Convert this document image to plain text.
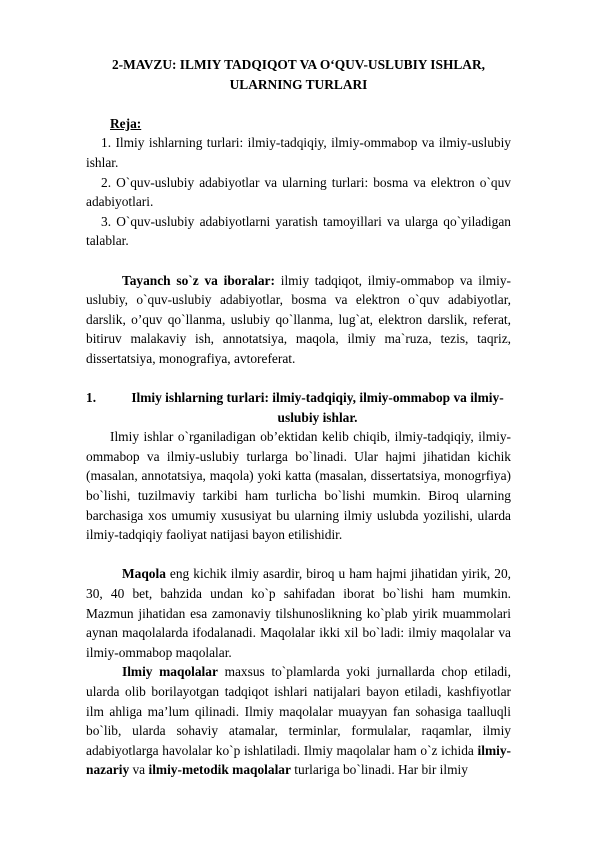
2-MAVZU: ILMIY TADQIQOT VA O‘QUV-USLUBIY ISHLAR,

ULARNING TURLARI

Reja:

1. Ilmiy ishlarning turlari: ilmiy-tadqiqiy, ilmiy-ommabop va ilmiy-uslubiy ishlar.

2. O`quv-uslubiy adabiyotlar va ularning turlari: bosma va elektron o`quv adabiyotlari.

3. O`quv-uslubiy adabiyotlarni yaratish tamoyillari va ularga qo`yiladigan talablar.

Tayanch so`z va iboralar: ilmiy tadqiqot, ilmiy-ommabop va ilmiy-uslubiy, o`quv-uslubiy adabiyotlar, bosma va elektron o`quv adabiyotlar, darslik, o’quv qo`llanma, uslubiy qo`llanma, lug`at, elektron darslik, referat, bitiruv malakaviy ish, annotatsiya, maqola, ilmiy ma`ruza, tezis, taqriz, dissertatsiya, monografiya, avtoreferat.

1.	Ilmiy ishlarning turlari: ilmiy-tadqiqiy, ilmiy-ommabop va ilmiy-uslubiy ishlar.

Ilmiy ishlar o`rganiladigan ob’ektidan kelib chiqib, ilmiy-tadqiqiy, ilmiy-ommabop va ilmiy-uslubiy turlarga bo`linadi. Ular hajmi jihatidan kichik (masalan, annotatsiya, maqola) yoki katta (masalan, dissertatsiya, monogrfiya) bo`lishi, tuzilmaviy tarkibi ham turlicha bo`lishi mumkin. Biroq ularning barchasiga xos umumiy xususiyat bu ularning ilmiy uslubda yozilishi, ularda ilmiy-tadqiqiy faoliyat natijasi bayon etilishidir.

Maqola eng kichik ilmiy asardir, biroq u ham hajmi jihatidan yirik, 20, 30, 40 bet, bahzida undan ko`p sahifadan iborat bo`lishi ham mumkin. Mazmun jihatidan esa zamonaviy tilshunoslikning ko`plab yirik muammolari aynan maqolalarda ifodalanadi. Maqolalar ikki xil bo`ladi: ilmiy maqolalar va ilmiy-ommabop maqolalar.

Ilmiy maqolalar maxsus to`plamlarda yoki jurnallarda chop etiladi, ularda olib borilayotgan tadqiqot ishlari natijalari bayon etiladi, kashfiyotlar ilm ahliga ma’lum qilinadi. Ilmiy maqolalar muayyan fan sohasiga taalluqli bo`lib, ularda sohaviy atamalar, terminlar, formulalar, raqamlar, ilmiy adabiyotlarga havolalar ko`p ishlatiladi. Ilmiy maqolalar ham o`z ichida ilmiy-nazariy va ilmiy-metodik maqolalar turlariga bo`linadi. Har bir ilmiy
